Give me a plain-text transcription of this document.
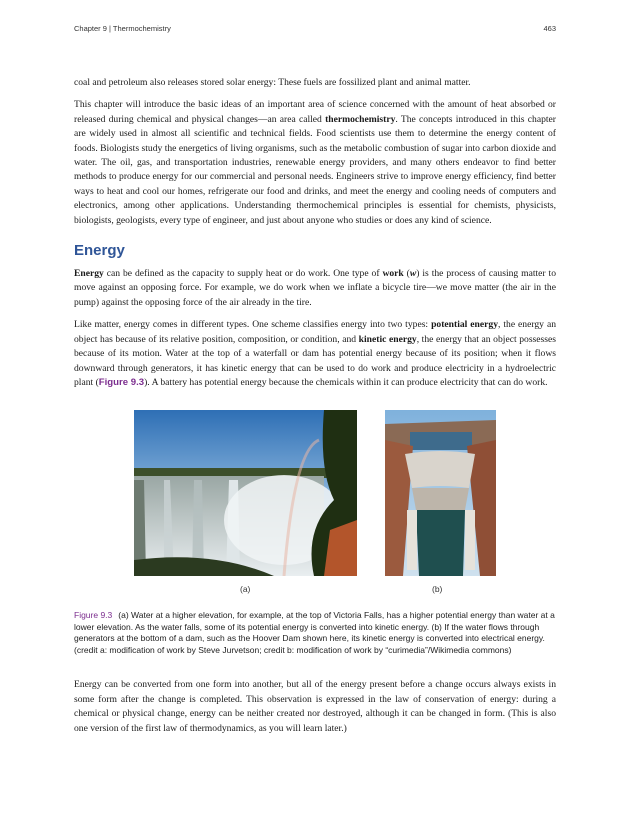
Chapter 9 | Thermochemistry	463

coal and petroleum also releases stored solar energy: These fuels are fossilized plant and animal matter.

This chapter will introduce the basic ideas of an important area of science concerned with the amount of heat absorbed or released during chemical and physical changes—an area called thermochemistry. The concepts introduced in this chapter are widely used in almost all scientific and technical fields. Food scientists use them to determine the energy content of foods. Biologists study the energetics of living organisms, such as the metabolic combustion of sugar into carbon dioxide and water. The oil, gas, and transportation industries, renewable energy providers, and many others endeavor to find better methods to produce energy for our commercial and personal needs. Engineers strive to improve energy efficiency, find better ways to heat and cool our homes, refrigerate our food and drinks, and meet the energy and cooling needs of computers and electronics, among other applications. Understanding thermochemical principles is essential for chemists, physicists, biologists, geologists, every type of engineer, and just about anyone who studies or does any kind of science.

Energy

Energy can be defined as the capacity to supply heat or do work. One type of work (w) is the process of causing matter to move against an opposing force. For example, we do work when we inflate a bicycle tire—we move matter (the air in the pump) against the opposing force of the air already in the tire.

Like matter, energy comes in different types. One scheme classifies energy into two types: potential energy, the energy an object has because of its relative position, composition, or condition, and kinetic energy, the energy that an object possesses because of its motion. Water at the top of a waterfall or dam has potential energy because of its position; when it flows downward through generators, it has kinetic energy that can be used to do work and produce electricity in a hydroelectric plant (Figure 9.3). A battery has potential energy because the chemicals within it can produce electricity that can do work.

(a)	(b)

Figure 9.3 (a) Water at a higher elevation, for example, at the top of Victoria Falls, has a higher potential energy than water at a lower elevation. As the water falls, some of its potential energy is converted into kinetic energy. (b) If the water flows through generators at the bottom of a dam, such as the Hoover Dam shown here, its kinetic energy is converted into electrical energy. (credit a: modification of work by Steve Jurvetson; credit b: modification of work by “curimedia”/Wikimedia commons)

Energy can be converted from one form into another, but all of the energy present before a change occurs always exists in some form after the change is completed. This observation is expressed in the law of conservation of energy: during a chemical or physical change, energy can be neither created nor destroyed, although it can be changed in form. (This is also one version of the first law of thermodynamics, as you will learn later.)
